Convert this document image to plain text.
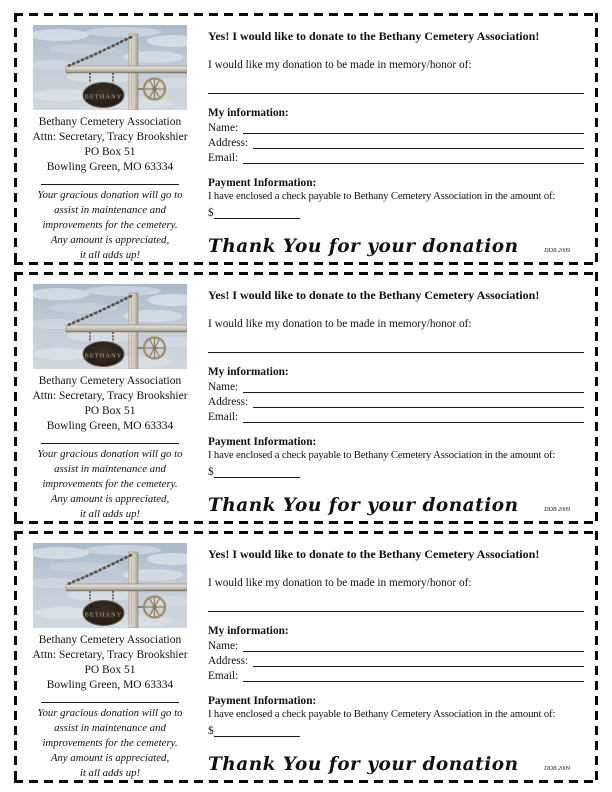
BETHANY
Bethany Cemetery Association
Attn: Secretary, Tracy Brookshier
PO Box 51
Bowling Green, MO 63334
Your gracious donation will go to
assist in maintenance and
improvements for the cemetery.
Any amount is appreciated,
it all adds up!
Yes! I would like to donate to the Bethany Cemetery Association!

I would like my donation to be made in memory/honor of:

My information:
Name:
Address:
Email:
Payment Information:

I have enclosed a check payable to Bethany Cemetery Association in the amount of:

$
Thank You for your donation	DDB 2009
BETHANY
Bethany Cemetery Association
Attn: Secretary, Tracy Brookshier
PO Box 51
Bowling Green, MO 63334
Your gracious donation will go to
assist in maintenance and
improvements for the cemetery.
Any amount is appreciated,
it all adds up!
Yes! I would like to donate to the Bethany Cemetery Association!

I would like my donation to be made in memory/honor of:

My information:
Name:
Address:
Email:
Payment Information:

I have enclosed a check payable to Bethany Cemetery Association in the amount of:

$
Thank You for your donation	DDB 2009
BETHANY
Bethany Cemetery Association
Attn: Secretary, Tracy Brookshier
PO Box 51
Bowling Green, MO 63334
Your gracious donation will go to
assist in maintenance and
improvements for the cemetery.
Any amount is appreciated,
it all adds up!
Yes! I would like to donate to the Bethany Cemetery Association!

I would like my donation to be made in memory/honor of:

My information:
Name:
Address:
Email:
Payment Information:

I have enclosed a check payable to Bethany Cemetery Association in the amount of:

$
Thank You for your donation	DDB 2009
